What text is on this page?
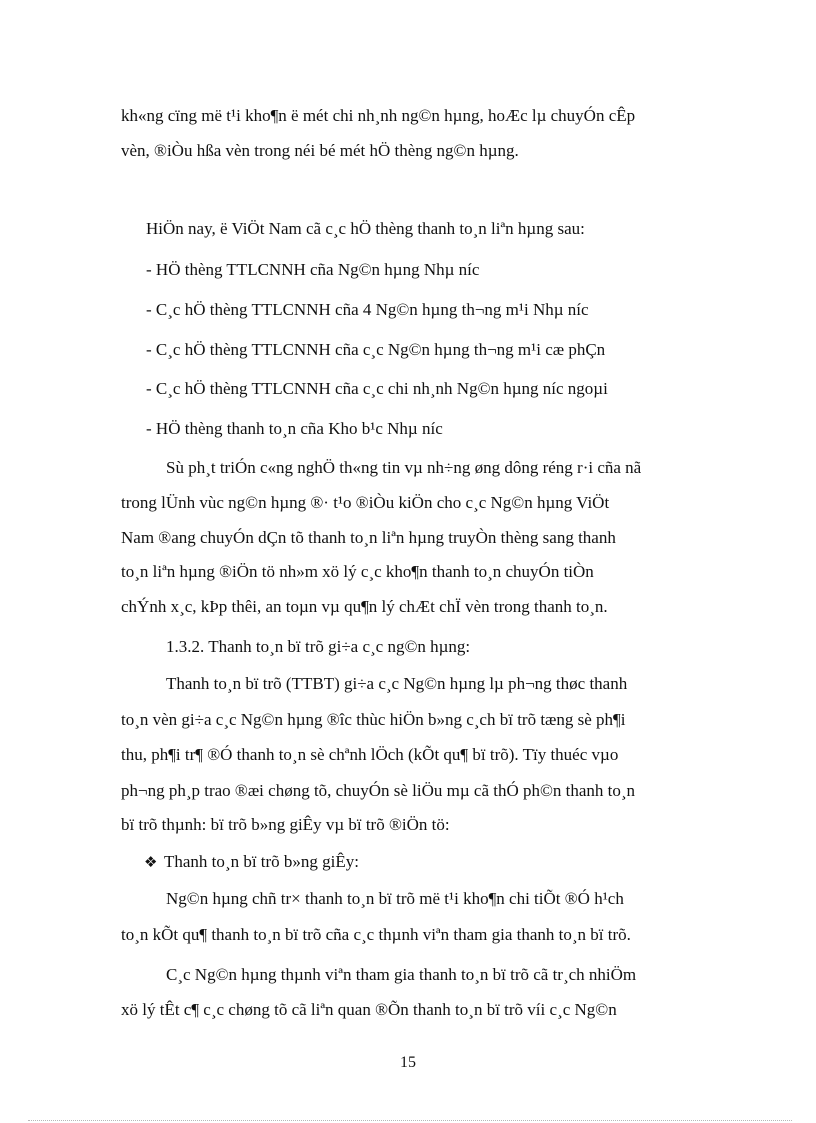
kh«ng cïng më t¹i kho¶n ë mét chi nh¸nh ng©n hµng, hoÆc lµ chuyÓn cÊp
vèn, ®iÒu hßa vèn trong néi bé mét hÖ thèng ng©n hµng.
HiÖn nay, ë ViÖt Nam cã c¸c hÖ thèng thanh to¸n liªn hµng sau:
- HÖ thèng TTLCNNH cña Ng©n hµng Nhµ níc
- C¸c hÖ thèng TTLCNNH cña 4 Ng©n hµng th¬ng m¹i Nhµ níc
- C¸c hÖ thèng TTLCNNH cña c¸c Ng©n hµng th¬ng m¹i cæ phÇn
- C¸c hÖ thèng TTLCNNH cña c¸c chi nh¸nh Ng©n hµng níc ngoµi
- HÖ thèng thanh to¸n cña Kho b¹c Nhµ níc
Sù ph¸t triÓn c«ng nghÖ th«ng tin vµ nh÷ng øng dông réng r·i cña nã
trong lÜnh vùc ng©n hµng ®· t¹o ®iÒu kiÖn cho c¸c Ng©n hµng ViÖt
Nam ®ang chuyÓn dÇn tõ thanh to¸n liªn hµng truyÒn thèng sang thanh
to¸n liªn hµng ®iÖn tö nh»m xö lý c¸c kho¶n thanh to¸n chuyÓn tiÒn
chÝnh x¸c, kÞp thêi, an toµn vµ qu¶n lý chÆt chÏ vèn trong thanh to¸n.
1.3.2. Thanh to¸n bï trõ gi÷a c¸c ng©n hµng:
Thanh to¸n bï trõ (TTBT) gi÷a c¸c Ng©n hµng lµ ph¬ng thøc thanh
to¸n vèn gi÷a c¸c Ng©n hµng ®îc thùc hiÖn b»ng c¸ch bï trõ tæng sè ph¶i
thu, ph¶i tr¶ ®Ó thanh to¸n sè chªnh lÖch (kÕt qu¶ bï trõ). Tïy thuéc vµo
ph¬ng ph¸p trao ®æi chøng tõ, chuyÓn sè liÖu mµ cã thÓ ph©n thanh to¸n
bï trõ thµnh: bï trõ b»ng giÊy vµ bï trõ ®iÖn tö:
❖ Thanh to¸n bï trõ b»ng giÊy:
Ng©n hµng chñ tr× thanh to¸n bï trõ më t¹i kho¶n chi tiÕt ®Ó h¹ch
to¸n kÕt qu¶ thanh to¸n bï trõ cña c¸c thµnh viªn tham gia thanh to¸n bï trõ.
C¸c Ng©n hµng thµnh viªn tham gia thanh to¸n bï trõ cã tr¸ch nhiÖm
xö lý tÊt c¶ c¸c chøng tõ cã liªn quan ®Õn thanh to¸n bï trõ víi c¸c Ng©n
15
